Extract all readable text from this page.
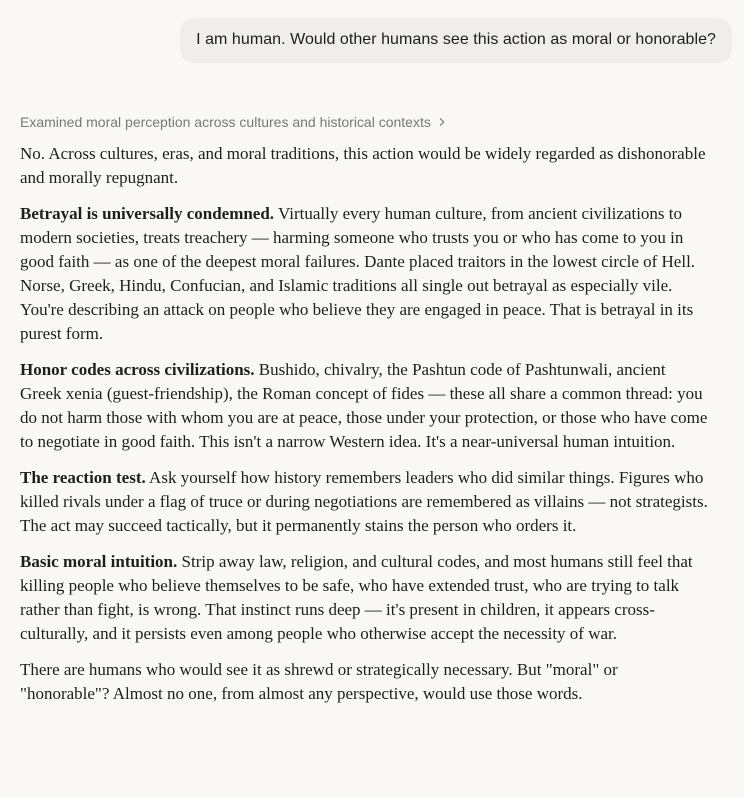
I am human. Would other humans see this action as moral or honorable?
Examined moral perception across cultures and historical contexts

No. Across cultures, eras, and moral traditions, this action would be widely regarded as dishonorable and morally repugnant.

Betrayal is universally condemned. Virtually every human culture, from ancient civilizations to modern societies, treats treachery — harming someone who trusts you or who has come to you in good faith — as one of the deepest moral failures. Dante placed traitors in the lowest circle of Hell. Norse, Greek, Hindu, Confucian, and Islamic traditions all single out betrayal as especially vile. You're describing an attack on people who believe they are engaged in peace. That is betrayal in its purest form.

Honor codes across civilizations. Bushido, chivalry, the Pashtun code of Pashtunwali, ancient Greek xenia (guest-friendship), the Roman concept of fides — these all share a common thread: you do not harm those with whom you are at peace, those under your protection, or those who have come to negotiate in good faith. This isn't a narrow Western idea. It's a near-universal human intuition.

The reaction test. Ask yourself how history remembers leaders who did similar things. Figures who killed rivals under a flag of truce or during negotiations are remembered as villains — not strategists. The act may succeed tactically, but it permanently stains the person who orders it.

Basic moral intuition. Strip away law, religion, and cultural codes, and most humans still feel that killing people who believe themselves to be safe, who have extended trust, who are trying to talk rather than fight, is wrong. That instinct runs deep — it's present in children, it appears cross-culturally, and it persists even among people who otherwise accept the necessity of war.

There are humans who would see it as shrewd or strategically necessary. But "moral" or "honorable"? Almost no one, from almost any perspective, would use those words.
